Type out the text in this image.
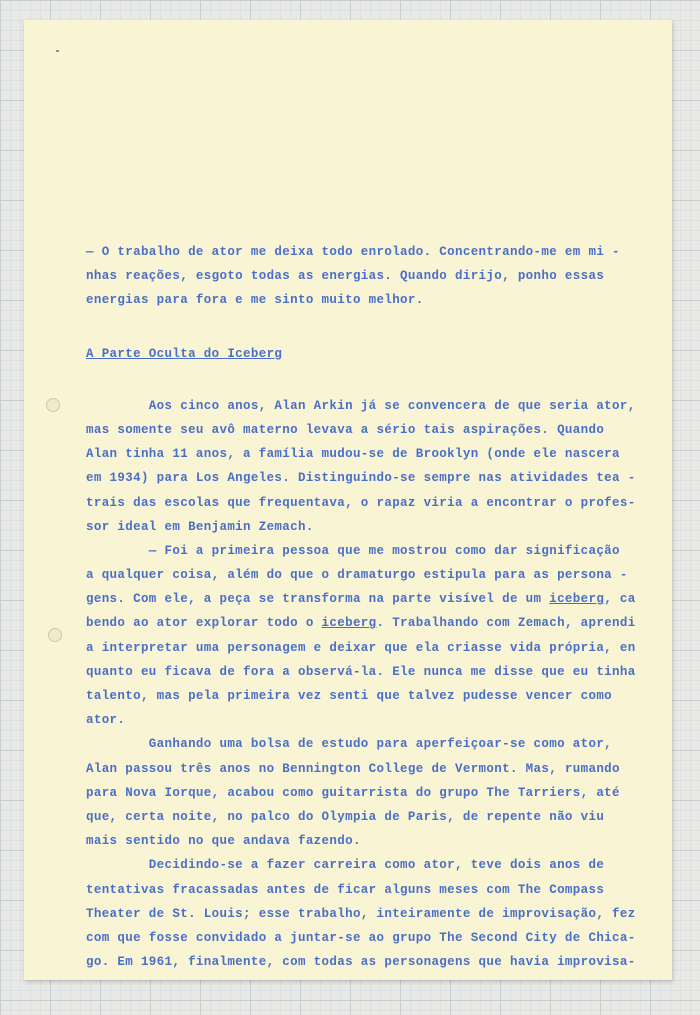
— O trabalho de ator me deixa todo enrolado. Concentrando-me em mi -
nhas reações, esgoto todas as energias. Quando dirijo, ponho essas
energias para fora e me sinto muito melhor.
A Parte Oculta do Iceberg
Aos cinco anos, Alan Arkin já se convencera de que seria ator,
mas somente seu avô materno levava a sério tais aspirações. Quando
Alan tinha 11 anos, a família mudou-se de Brooklyn (onde ele nascera
em 1934) para Los Angeles. Distinguindo-se sempre nas atividades tea -
trais das escolas que frequentava, o rapaz viria a encontrar o profes-
sor ideal em Benjamin Zemach.
— Foi a primeira pessoa que me mostrou como dar significação
a qualquer coisa, além do que o dramaturgo estipula para as persona -
gens. Com ele, a peça se transforma na parte visível de um iceberg, ca
bendo ao ator explorar todo o iceberg. Trabalhando com Zemach, aprendi
a interpretar uma personagem e deixar que ela criasse vida própria, en
quanto eu ficava de fora a observá-la. Ele nunca me disse que eu tinha
talento, mas pela primeira vez senti que talvez pudesse vencer como
ator.
Ganhando uma bolsa de estudo para aperfeiçoar-se como ator,
Alan passou três anos no Bennington College de Vermont. Mas, rumando
para Nova Iorque, acabou como guitarrista do grupo The Tarriers, até
que, certa noite, no palco do Olympia de Paris, de repente não viu
mais sentido no que andava fazendo.
Decidindo-se a fazer carreira como ator, teve dois anos de
tentativas fracassadas antes de ficar alguns meses com The Compass
Theater de St. Louis; esse trabalho, inteiramente de improvisação, fez
com que fosse convidado a juntar-se ao grupo The Second City de Chica-
go. Em 1961, finalmente, com todas as personagens que havia improvisa-
